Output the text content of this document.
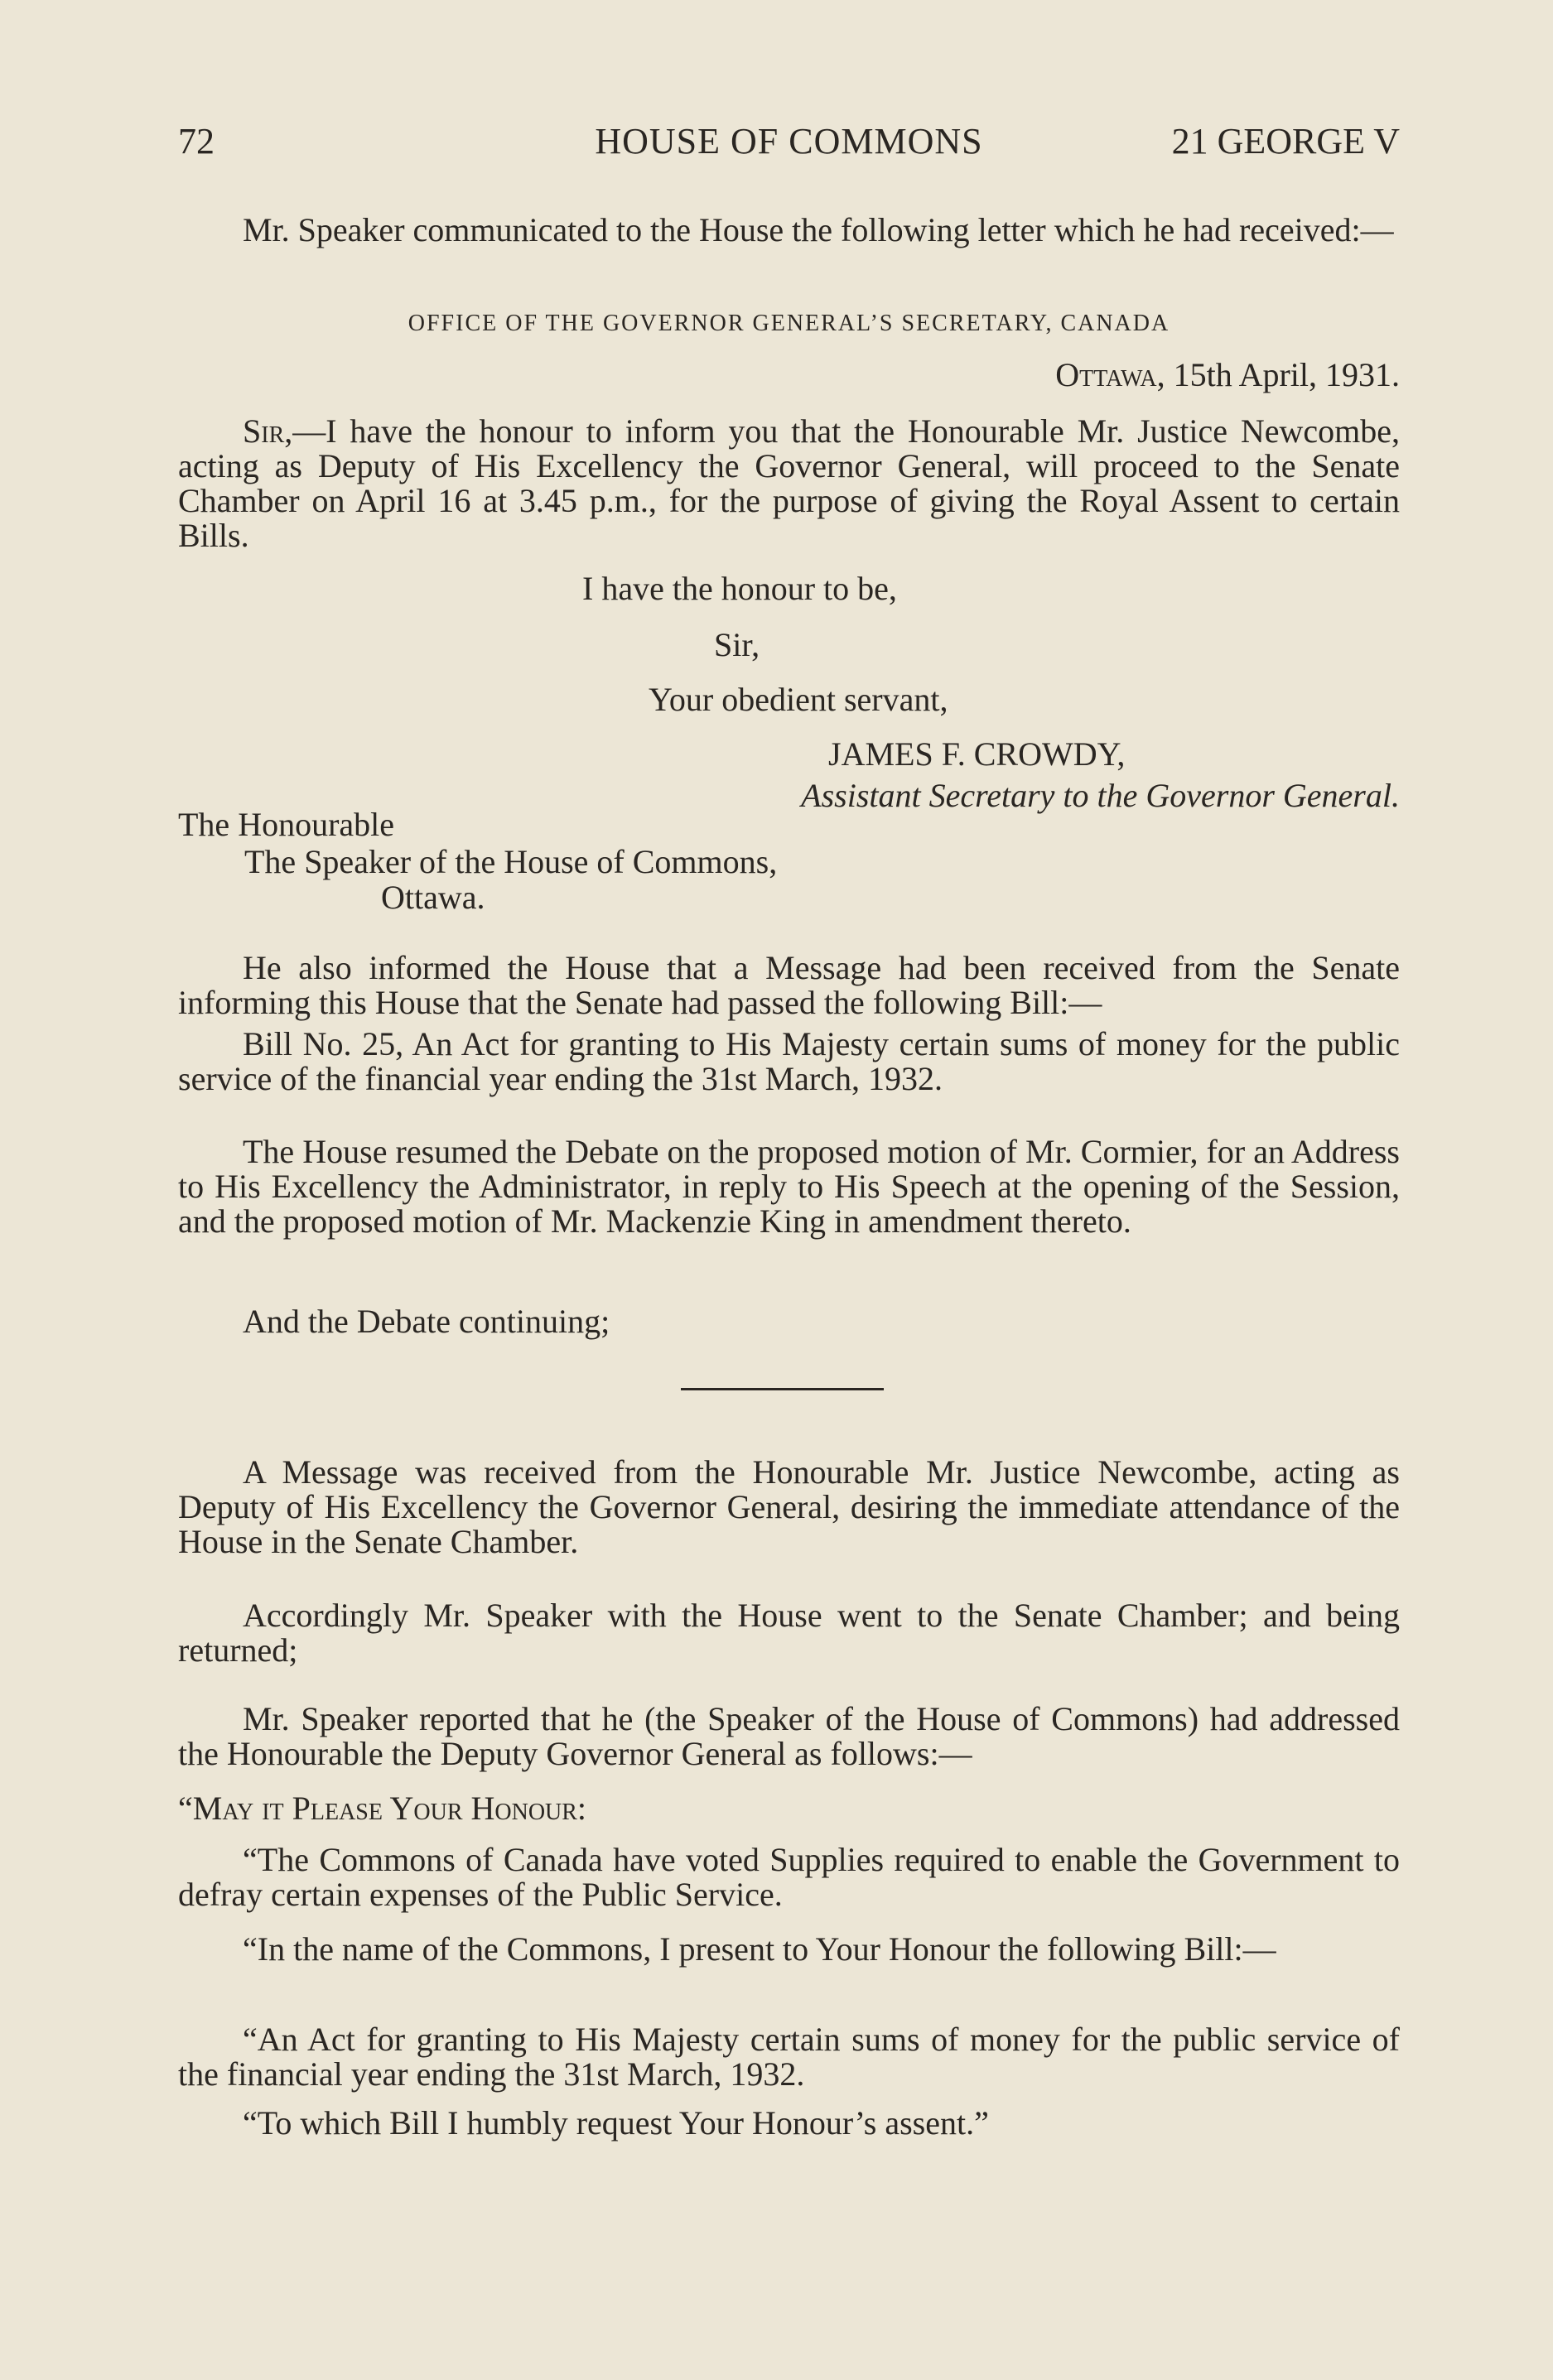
72	HOUSE OF COMMONS	21 GEORGE V

Mr. Speaker communicated to the House the following letter which he had received:—

OFFICE OF THE GOVERNOR GENERAL’S SECRETARY, CANADA
Ottawa, 15th April, 1931.

Sir,—I have the honour to inform you that the Honourable Mr. Justice Newcombe, acting as Deputy of His Excellency the Governor General, will proceed to the Senate Chamber on April 16 at 3.45 p.m., for the purpose of giving the Royal Assent to certain Bills.

I have the honour to be,
Sir,
Your obedient servant,
JAMES F. CROWDY,
Assistant Secretary to the Governor General.
The Honourable
The Speaker of the House of Commons,
Ottawa.

He also informed the House that a Message had been received from the Senate informing this House that the Senate had passed the following Bill:—

Bill No. 25, An Act for granting to His Majesty certain sums of money for the public service of the financial year ending the 31st March, 1932.

The House resumed the Debate on the proposed motion of Mr. Cormier, for an Address to His Excellency the Administrator, in reply to His Speech at the opening of the Session, and the proposed motion of Mr. Mackenzie King in amendment thereto.

And the Debate continuing;

A Message was received from the Honourable Mr. Justice Newcombe, acting as Deputy of His Excellency the Governor General, desiring the immediate attendance of the House in the Senate Chamber.

Accordingly Mr. Speaker with the House went to the Senate Chamber; and being returned;

Mr. Speaker reported that he (the Speaker of the House of Commons) had addressed the Honourable the Deputy Governor General as follows:—

“May it Please Your Honour:

“The Commons of Canada have voted Supplies required to enable the Government to defray certain expenses of the Public Service.

“In the name of the Commons, I present to Your Honour the following Bill:—

“An Act for granting to His Majesty certain sums of money for the public service of the financial year ending the 31st March, 1932.

“To which Bill I humbly request Your Honour’s assent.”
